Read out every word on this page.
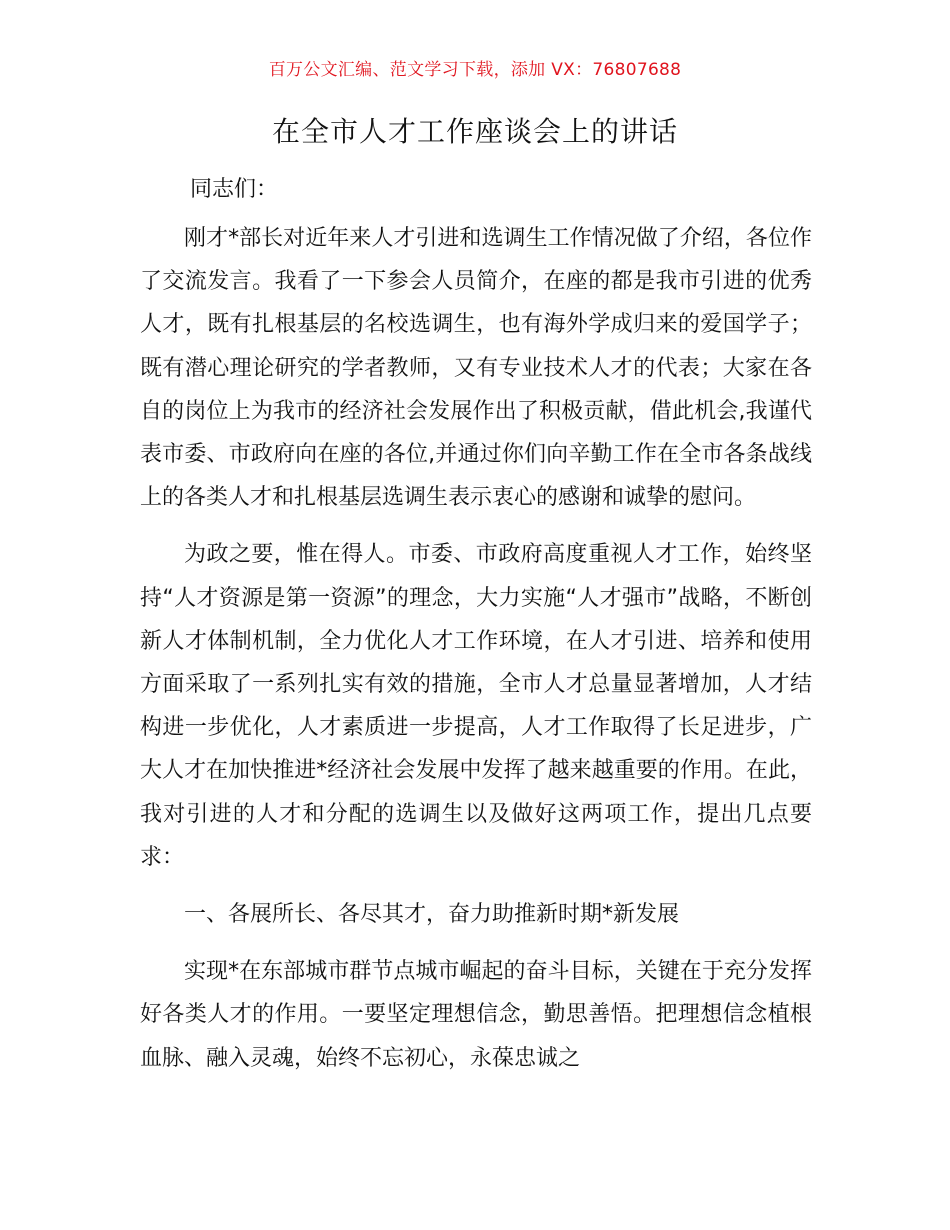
百万公文汇编、范文学习下载，添加 VX：76807688
在全市人才工作座谈会上的讲话
同志们：

刚才*部长对近年来人才引进和选调生工作情况做了介绍，各位作了交流发言。我看了一下参会人员简介，在座的都是我市引进的优秀人才，既有扎根基层的名校选调生，也有海外学成归来的爱国学子；既有潜心理论研究的学者教师，又有专业技术人才的代表；大家在各自的岗位上为我市的经济社会发展作出了积极贡献，借此机会,我谨代表市委、市政府向在座的各位,并通过你们向辛勤工作在全市各条战线上的各类人才和扎根基层选调生表示衷心的感谢和诚挚的慰问。

为政之要，惟在得人。市委、市政府高度重视人才工作，始终坚持“人才资源是第一资源”的理念，大力实施“人才强市”战略，不断创新人才体制机制，全力优化人才工作环境，在人才引进、培养和使用方面采取了一系列扎实有效的措施，全市人才总量显著增加，人才结构进一步优化，人才素质进一步提高，人才工作取得了长足进步，广大人才在加快推进*经济社会发展中发挥了越来越重要的作用。在此，我对引进的人才和分配的选调生以及做好这两项工作，提出几点要求：

一、各展所长、各尽其才，奋力助推新时期*新发展

实现*在东部城市群节点城市崛起的奋斗目标，关键在于充分发挥好各类人才的作用。一要坚定理想信念，勤思善悟。把理想信念植根血脉、融入灵魂，始终不忘初心，永葆忠诚之
